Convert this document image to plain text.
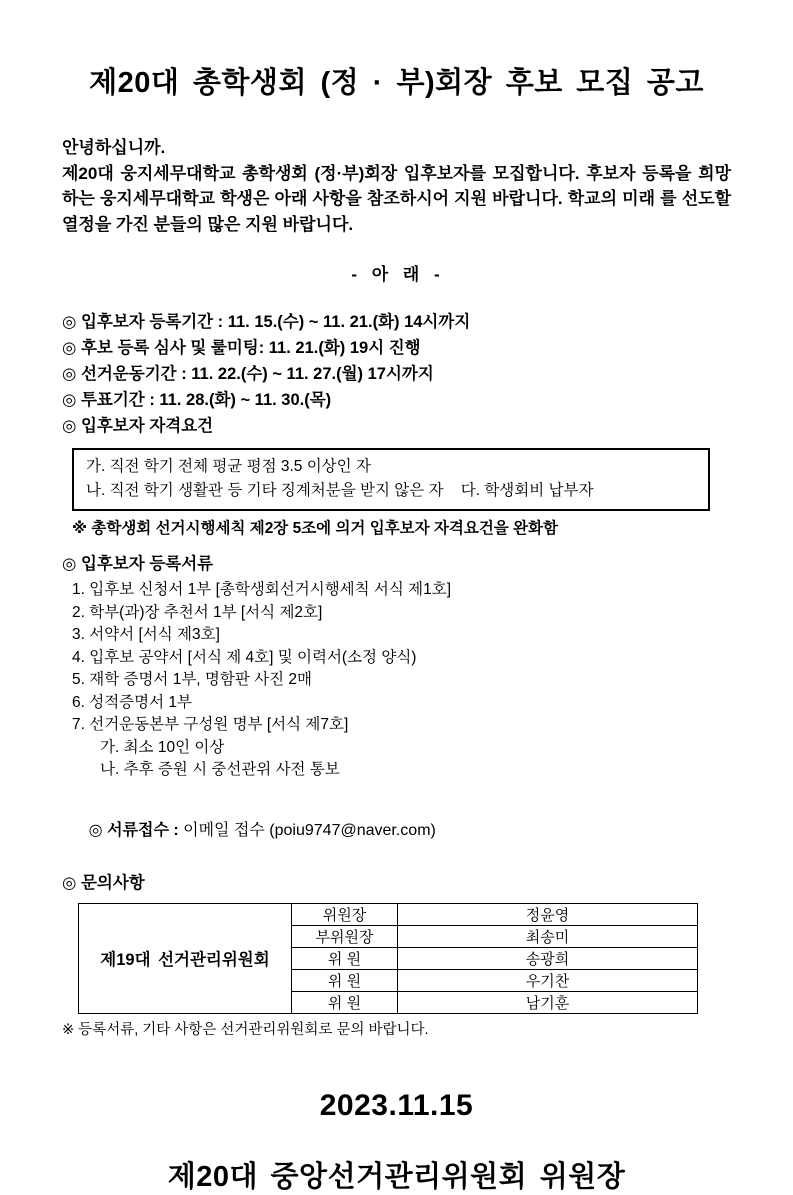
제20대 총학생회 (정 · 부)회장 후보 모집 공고
안녕하십니까.
제20대 웅지세무대학교 총학생회 (정·부)회장 입후보자를 모집합니다. 후보자 등록을 희망
하는 웅지세무대학교 학생은 아래 사항을 참조하시어 지원 바랍니다. 학교의 미래 를 선도할
열정을 가진 분들의 많은 지원 바랍니다.
- 아 래 -
◎ 입후보자 등록기간 : 11. 15.(수) ~ 11. 21.(화) 14시까지
◎ 후보 등록 심사 및 룰미팅: 11. 21.(화) 19시 진행
◎ 선거운동기간 : 11. 22.(수) ~ 11. 27.(월) 17시까지
◎ 투표기간 : 11. 28.(화) ~ 11. 30.(목)
◎ 입후보자 자격요건
가. 직전 학기 전체 평균 평점 3.5 이상인 자
나. 직전 학기 생활관 등 기타 징계처분을 받지 않은 자    다. 학생회비 납부자
※ 총학생회 선거시행세칙 제2장 5조에 의거 입후보자 자격요건을 완화함
◎ 입후보자 등록서류
1. 입후보 신청서 1부 [총학생회선거시행세칙 서식 제1호]
2. 학부(과)장 추천서 1부 [서식 제2호]
3. 서약서 [서식 제3호]
4. 입후보 공약서 [서식 제 4호] 및 이력서(소정 양식)
5. 재학 증명서 1부, 명함판 사진 2매
6. 성적증명서 1부
7. 선거운동본부 구성원 명부 [서식 제7호]
가. 최소 10인 이상
나. 추후 증원 시 중선관위 사전 통보

◎ 서류접수 : 이메일 접수 (poiu9747@naver.com)

◎ 문의사항
제19대 선거관리위원회	위원장	정윤영
	부위원장	최송미
	위 원	송광희
	위 원	우기찬
	위 원	남기훈
※ 등록서류, 기타 사항은 선거관리위원회로 문의 바랍니다.
2023.11.15
제20대 중앙선거관리위원회 위원장
